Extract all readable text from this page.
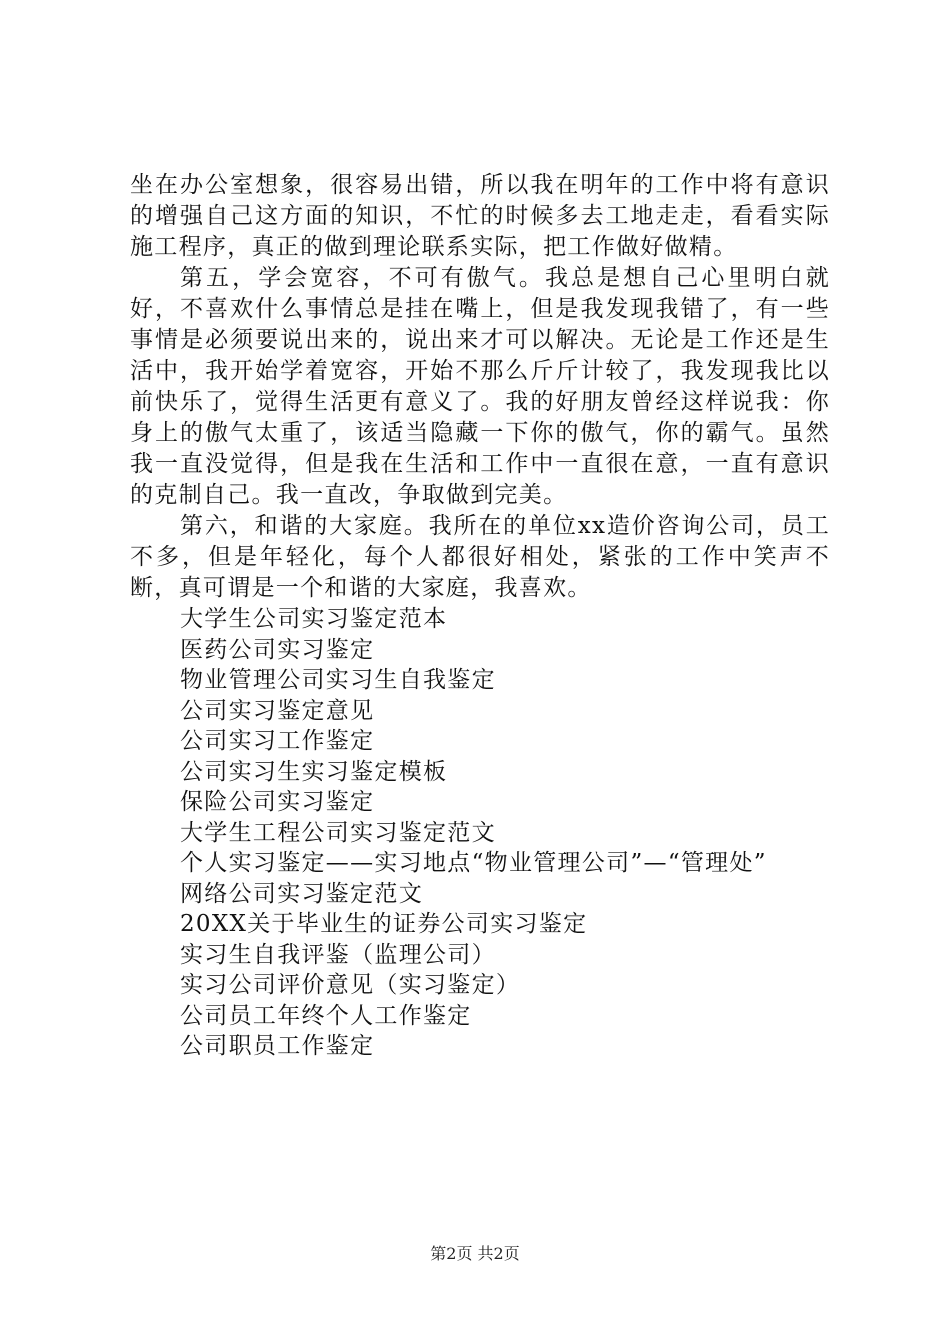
坐在办公室想象，很容易出错，所以我在明年的工作中将有意识的增强自己这方面的知识，不忙的时候多去工地走走，看看实际施工程序，真正的做到理论联系实际，把工作做好做精。

第五，学会宽容，不可有傲气。我总是想自己心里明白就好，不喜欢什么事情总是挂在嘴上，但是我发现我错了，有一些事情是必须要说出来的，说出来才可以解决。无论是工作还是生活中，我开始学着宽容，开始不那么斤斤计较了，我发现我比以前快乐了，觉得生活更有意义了。我的好朋友曾经这样说我：你身上的傲气太重了，该适当隐藏一下你的傲气，你的霸气。虽然我一直没觉得，但是我在生活和工作中一直很在意，一直有意识的克制自己。我一直改，争取做到完美。

第六，和谐的大家庭。我所在的单位xx造价咨询公司，员工不多，但是年轻化，每个人都很好相处，紧张的工作中笑声不断，真可谓是一个和谐的大家庭，我喜欢。

大学生公司实习鉴定范本
医药公司实习鉴定
物业管理公司实习生自我鉴定
公司实习鉴定意见
公司实习工作鉴定
公司实习生实习鉴定模板
保险公司实习鉴定
大学生工程公司实习鉴定范文
个人实习鉴定——实习地点“物业管理公司”—“管理处”
网络公司实习鉴定范文
20XX关于毕业生的证券公司实习鉴定
实习生自我评鉴（监理公司）
实习公司评价意见（实习鉴定）
公司员工年终个人工作鉴定
公司职员工作鉴定
第2页 共2页
